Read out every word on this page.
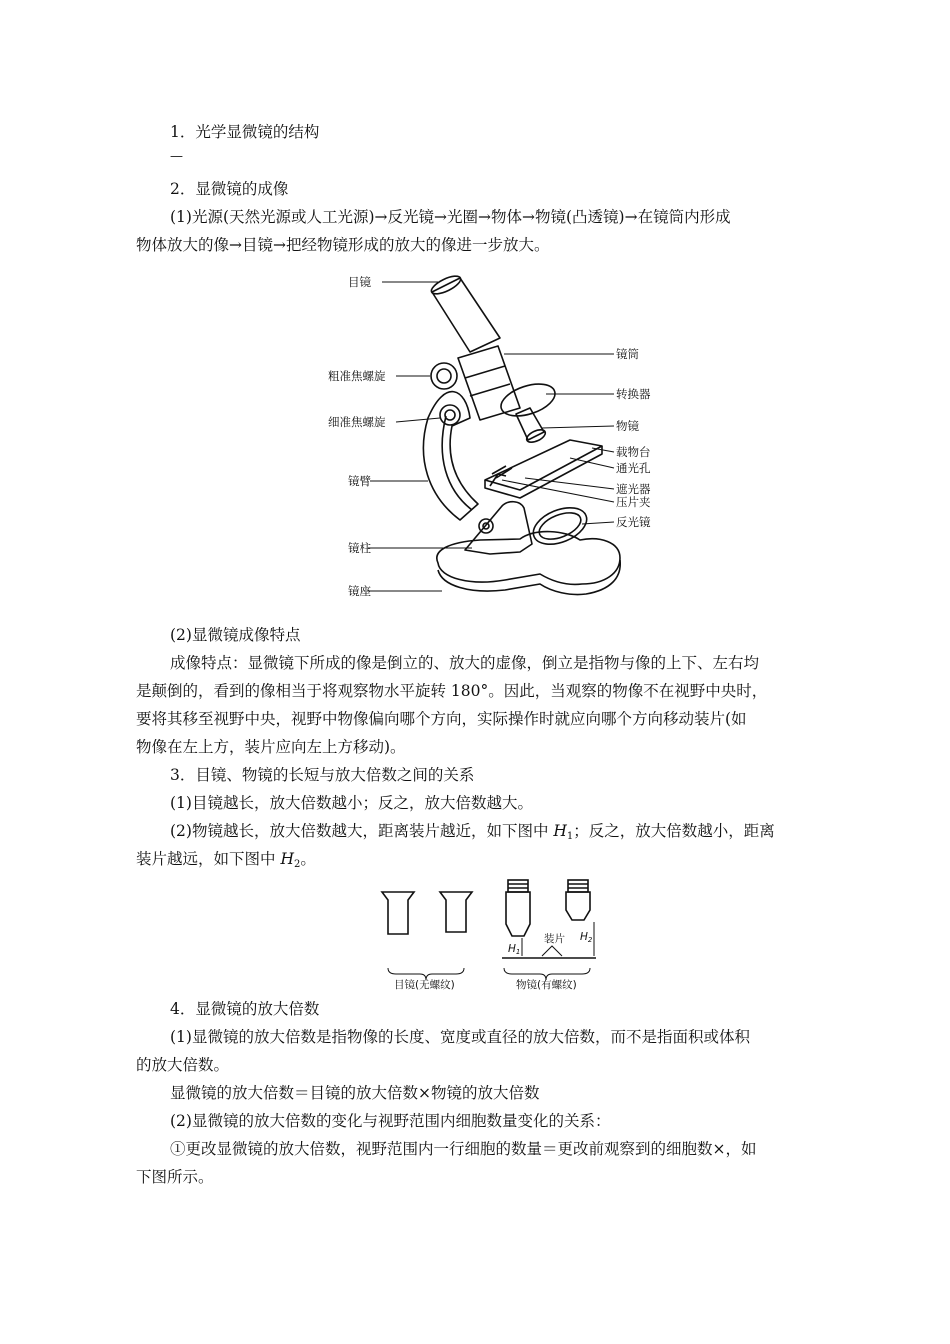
1．光学显微镜的结构
—
2．显微镜的成像
(1)光源(天然光源或人工光源)→反光镜→光圈→物体→物镜(凸透镜)→在镜筒内形成
物体放大的像→目镜→把经物镜形成的放大的像进一步放大。
目镜
镜筒
粗准焦螺旋
转换器
细准焦螺旋	物镜
载物台
通光孔
镜臂
遮光器
压片夹
反光镜
镜柱
镜座
(2)显微镜成像特点
成像特点：显微镜下所成的像是倒立的、放大的虚像，倒立是指物与像的上下、左右均
是颠倒的，看到的像相当于将观察物水平旋转 180°。因此，当观察的物像不在视野中央时，
要将其移至视野中央，视野中物像偏向哪个方向，实际操作时就应向哪个方向移动装片(如
物像在左上方，装片应向左上方移动)。
3．目镜、物镜的长短与放大倍数之间的关系
(1)目镜越长，放大倍数越小；反之，放大倍数越大。
(2)物镜越长，放大倍数越大，距离装片越近，如下图中 $H_1$；反之，放大倍数越小，距离
装片越远，如下图中 $H_2$。
装片
H1
H2
目镜(无螺纹)	物镜(有螺纹)
4．显微镜的放大倍数
(1)显微镜的放大倍数是指物像的长度、宽度或直径的放大倍数，而不是指面积或体积
的放大倍数。
显微镜的放大倍数＝目镜的放大倍数×物镜的放大倍数
(2)显微镜的放大倍数的变化与视野范围内细胞数量变化的关系：
①更改显微镜的放大倍数，视野范围内一行细胞的数量＝更改前观察到的细胞数×，如
下图所示。
